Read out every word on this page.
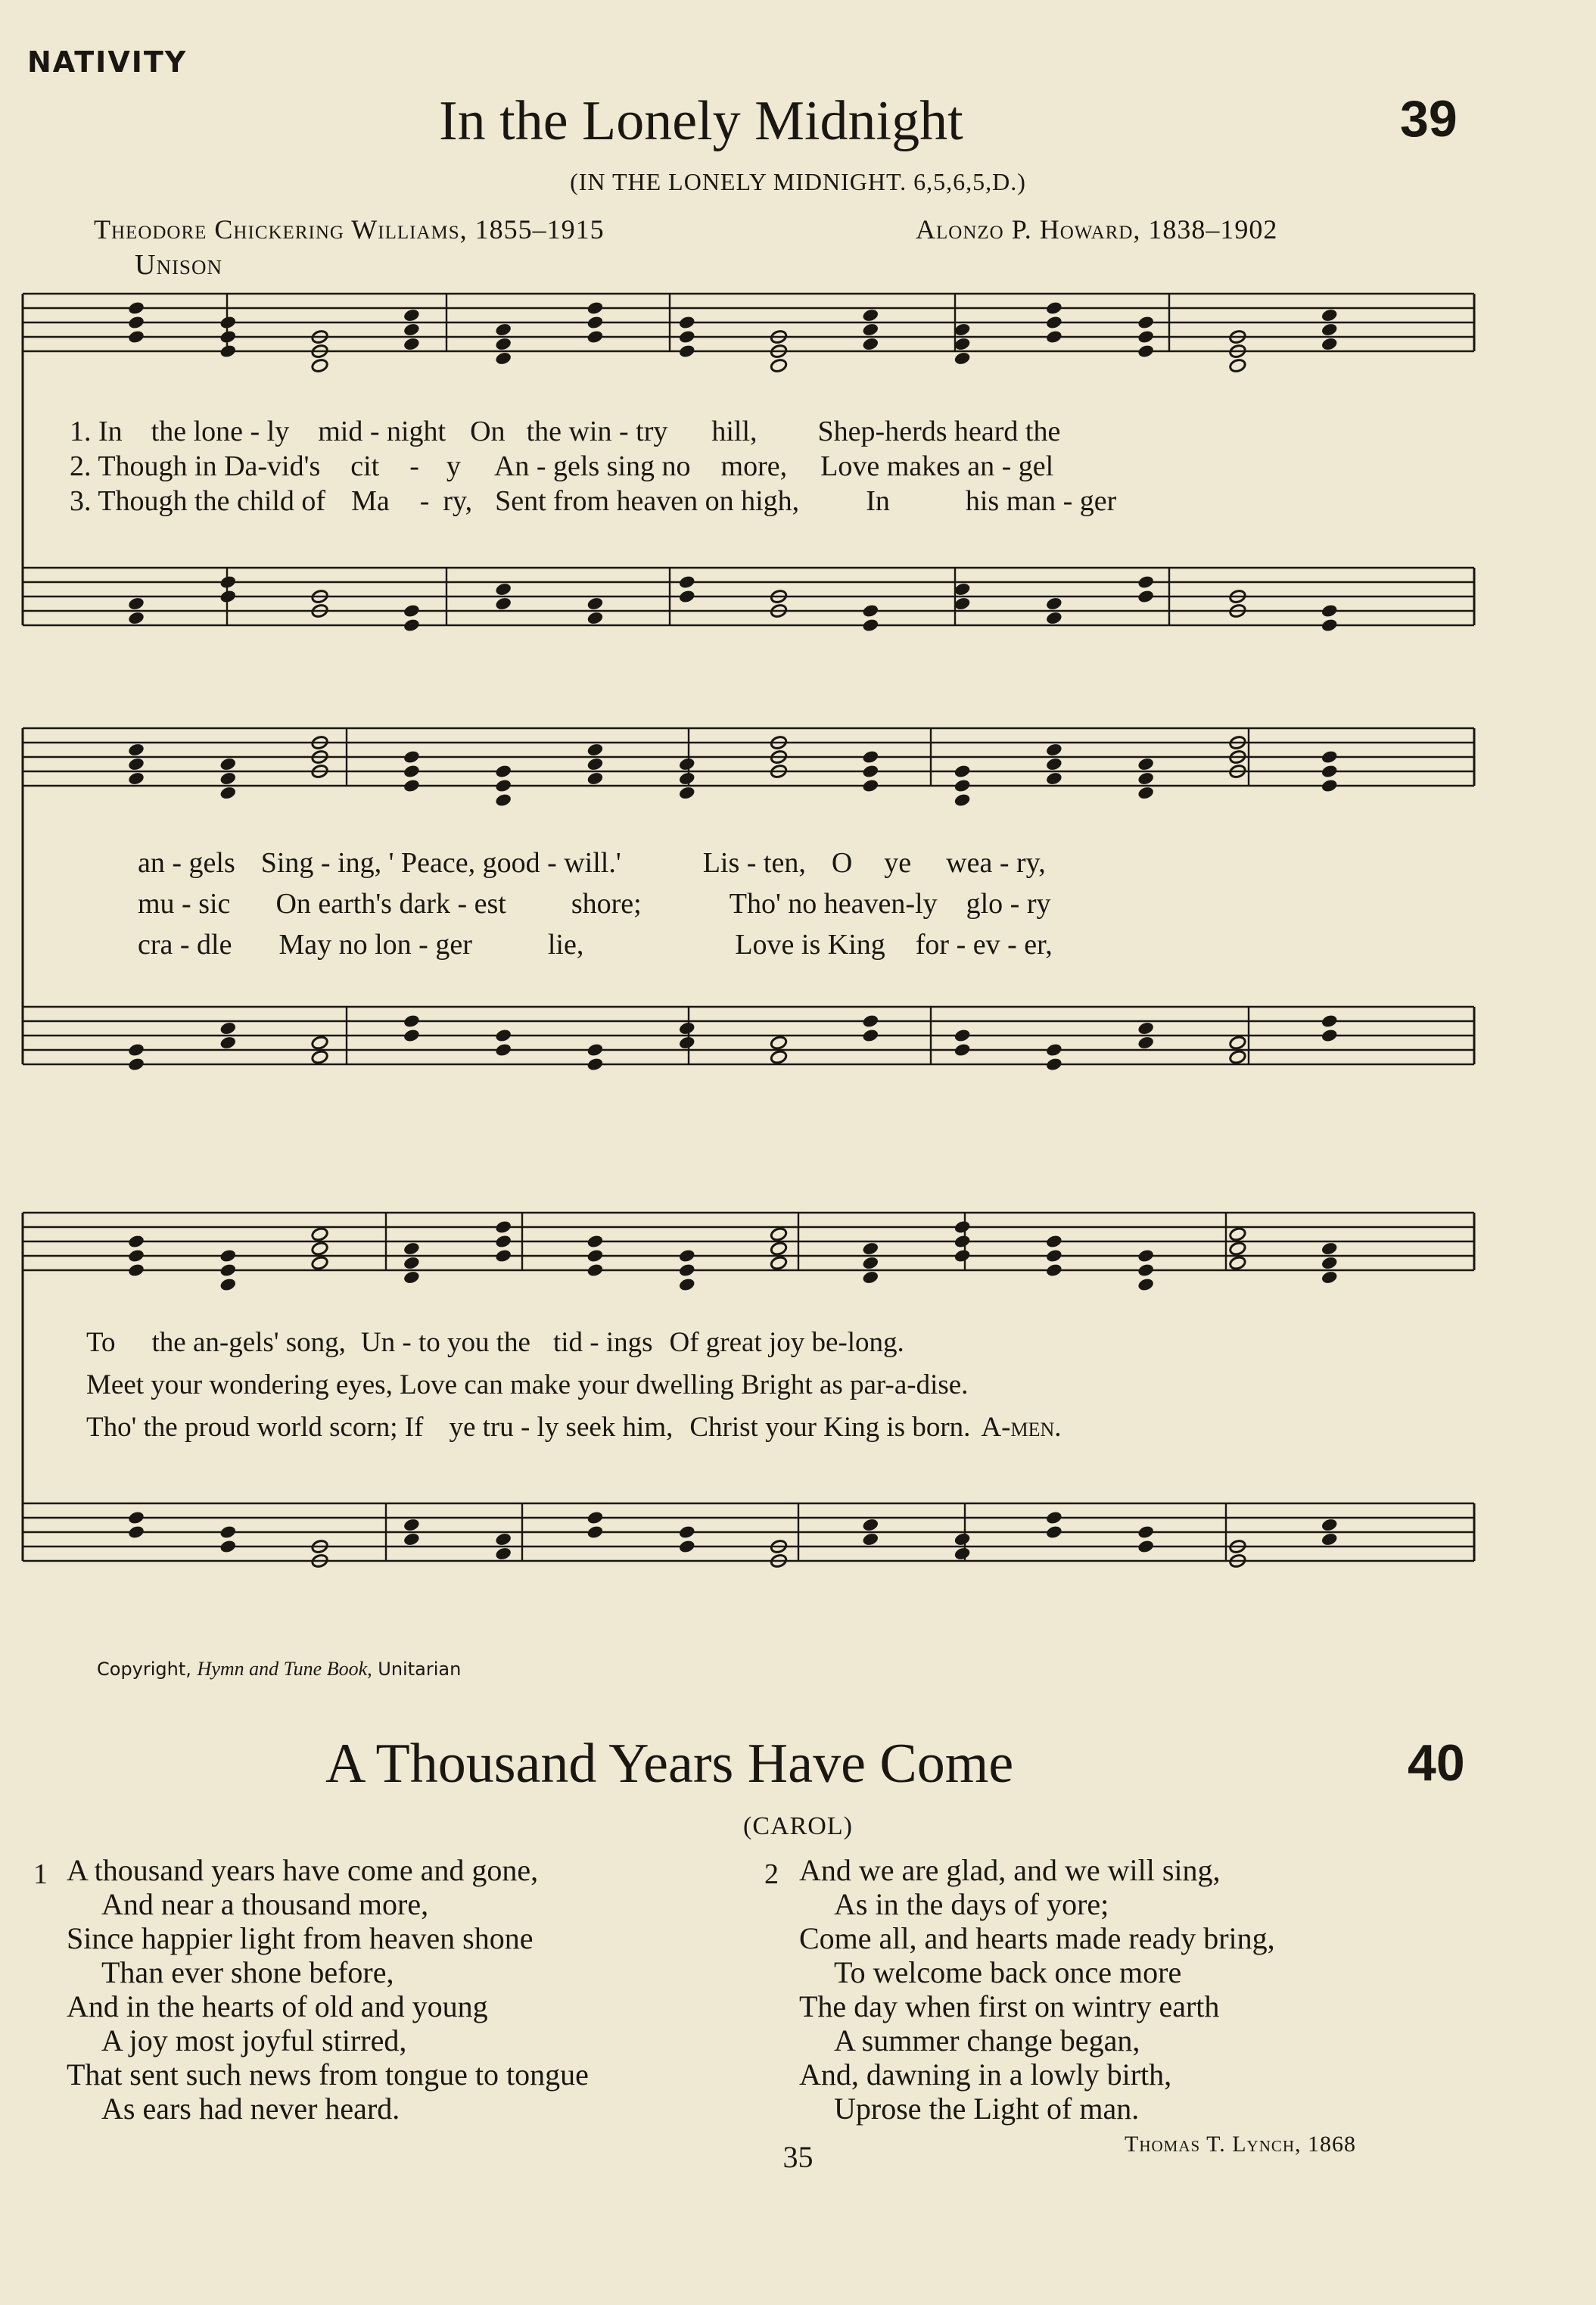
NATIVITY
In the Lonely Midnight	39
(IN THE LONELY MIDNIGHT. 6,5,6,5,D.)
Theodore Chickering Williams, 1855–1915	Alonzo P. Howard, 1838–1902
Unison
1. In the lone - ly mid - night On the win - try hill, Shep-herds heard the
2. Though in Da-vid's cit - y An - gels sing no more, Love makes an - gel
3. Though the child of Ma - ry, Sent from heaven on high, In	his man - ger
an - gels Sing - ing, ' Peace, good - will.'	Lis - ten, O ye wea - ry,
mu - sic On earth's dark - est shore;	Tho' no heaven-ly glo - ry
cra - dle May no lon - ger	lie,	Love is King for - ev - er,
To the an-gels' song, Un - to you the tid - ings Of great joy be-long.
Meet your wondering eyes, Love can make your dwelling Bright as par-a-dise.
Tho' the proud world scorn; If ye tru - ly seek him, Christ your King is born. A-men.
Copyright, Hymn and Tune Book, Unitarian
A Thousand Years Have Come	40
(CAROL)
1 A thousand years have come and gone,
And near a thousand more,
Since happier light from heaven shone
Than ever shone before,
And in the hearts of old and young
A joy most joyful stirred,
That sent such news from tongue to tongue
As ears had never heard.
2 And we are glad, and we will sing,
As in the days of yore;
Come all, and hearts made ready bring,
To welcome back once more
The day when first on wintry earth
A summer change began,
And, dawning in a lowly birth,
Uprose the Light of man.
35	Thomas T. Lynch, 1868
